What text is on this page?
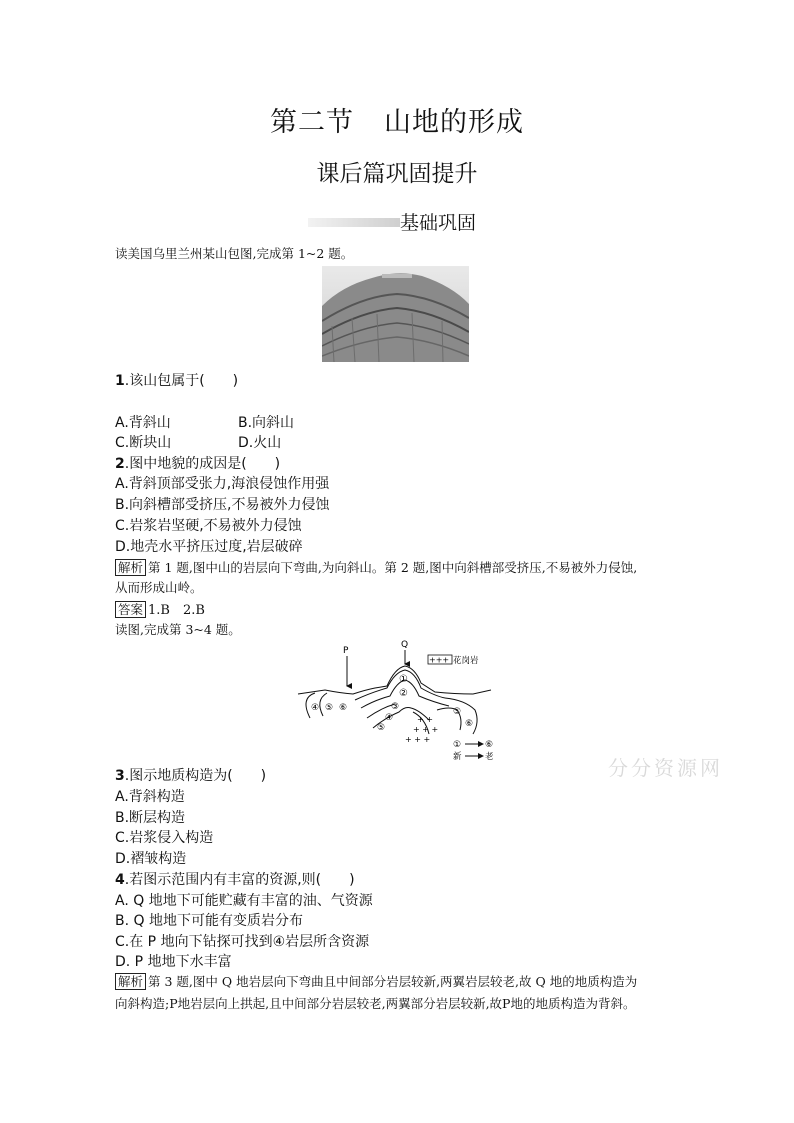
第二节 山地的形成
课后篇巩固提升
基础巩固
读美国乌里兰州某山包图,完成第 1~2 题。
1.该山包属于(　　)
A.背斜山	B.向斜山
C.断块山	D.火山
2.图中地貌的成因是(　　)
A.背斜顶部受张力,海浪侵蚀作用强
B.向斜槽部受挤压,不易被外力侵蚀
C.岩浆岩坚硬,不易被外力侵蚀
D.地壳水平挤压过度,岩层破碎
解析 第 1 题,图中山的岩层向下弯曲,为向斜山。第 2 题,图中向斜槽部受挤压,不易被外力侵蚀,
从而形成山岭。
答案 1.B　2.B
读图,完成第 3~4 题。
P
Q
+++ 花岗岩
+ +
+ + +
+ + +
①
②
③
④
⑤
④ ⑤ ⑥	⑤
⑥
①	⑥
新	老	分分资源网
3.图示地质构造为(　　)
A.背斜构造
B.断层构造
C.岩浆侵入构造
D.褶皱构造
4.若图示范围内有丰富的资源,则(　　)
A. Q 地地下可能贮藏有丰富的油、气资源
B. Q 地地下可能有变质岩分布
C.在 P 地向下钻探可找到④岩层所含资源
D. P 地地下水丰富
解析 第 3 题,图中 Q 地岩层向下弯曲且中间部分岩层较新,两翼岩层较老,故 Q 地的地质构造为
向斜构造;P地岩层向上拱起,且中间部分岩层较老,两翼部分岩层较新,故P地的地质构造为背斜。
